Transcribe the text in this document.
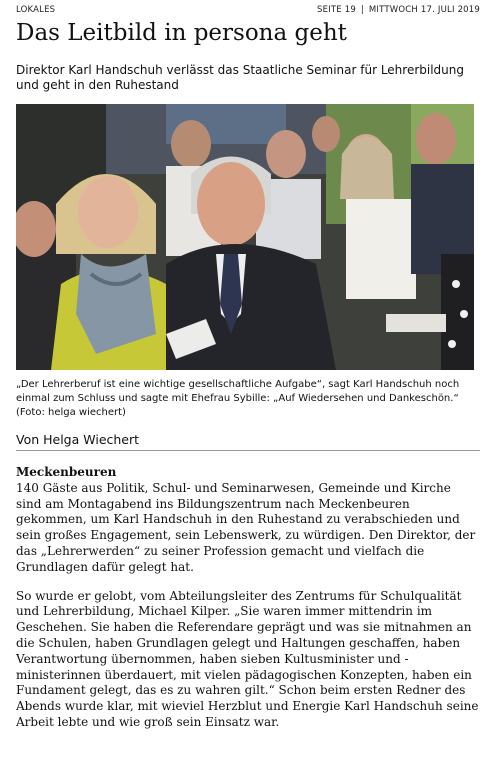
LOKALES	SEITE 19 | MITTWOCH 17. JULI 2019
Das Leitbild in persona geht
Direktor Karl Handschuh verlässt das Staatliche Seminar für Lehrerbildung und geht in den Ruhestand
„Der Lehrerberuf ist eine wichtige gesellschaftliche Aufgabe“, sagt Karl Handschuh noch einmal zum Schluss und sagte mit Ehefrau Sybille: „Auf Wiedersehen und Dankeschön.“ (Foto: helga wiechert)
Von Helga Wiechert
Meckenbeuren

140 Gäste aus Politik, Schul- und Seminarwesen, Gemeinde und Kirche sind am Montagabend ins Bildungszentrum nach Meckenbeuren gekommen, um Karl Handschuh in den Ruhestand zu verabschieden und sein großes Engagement, sein Lebenswerk, zu würdigen. Den Direktor, der das „Lehrerwerden“ zu seiner Profession gemacht und vielfach die Grundlagen dafür gelegt hat.

So wurde er gelobt, vom Abteilungsleiter des Zentrums für Schulqualität und Lehrerbildung, Michael Kilper. „Sie waren immer mittendrin im Geschehen. Sie haben die Referendare geprägt und was sie mitnahmen an die Schulen, haben Grundlagen gelegt und Haltungen geschaffen, haben Verantwortung übernommen, haben sieben Kultusminister und -ministerinnen überdauert, mit vielen pädagogischen Konzepten, haben ein Fundament gelegt, das es zu wahren gilt.“ Schon beim ersten Redner des Abends wurde klar, mit wieviel Herzblut und Energie Karl Handschuh seine Arbeit lebte und wie groß sein Einsatz war.
